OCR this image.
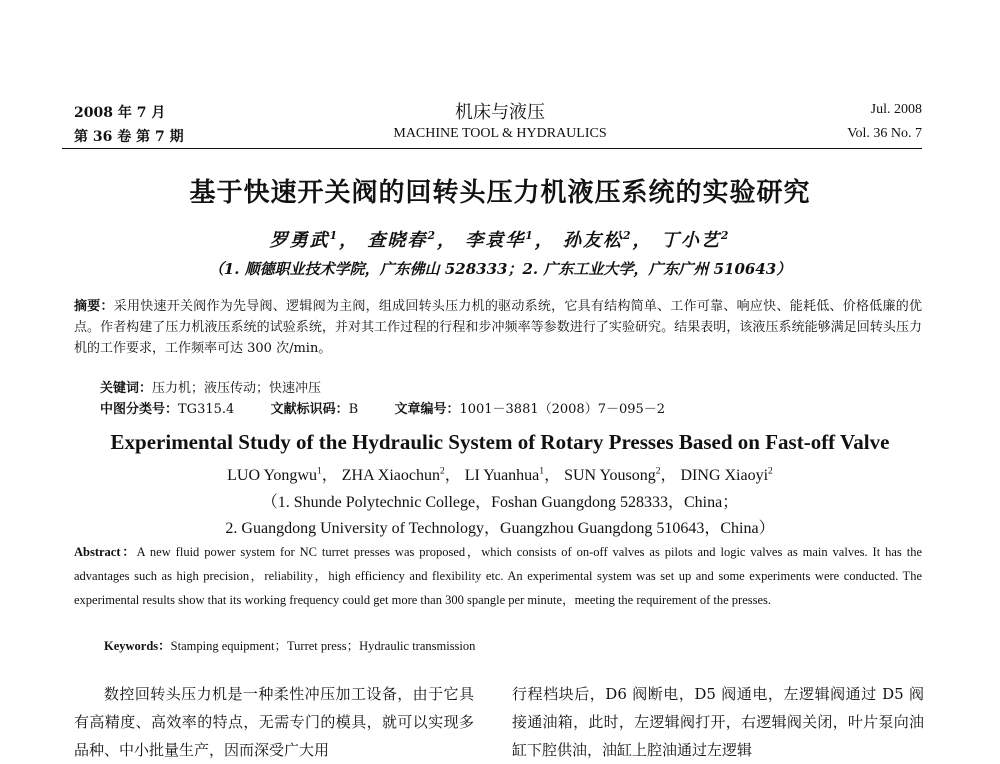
2008 年 7 月
第 36 卷 第 7 期
机床与液压
MACHINE TOOL & HYDRAULICS
Jul. 2008
Vol. 36 No. 7
基于快速开关阀的回转头压力机液压系统的实验研究
罗勇武$^1$， 查晓春$^2$， 李袁华$^1$， 孙友松$^2$， 丁小艺$^2$
（1. 顺德职业技术学院，广东佛山 528333；2. 广东工业大学，广东广州 510643）
摘要：采用快速开关阀作为先导阀、逻辑阀为主阀，组成回转头压力机的驱动系统，它具有结构简单、工作可靠、响应快、能耗低、价格低廉的优点。作者构建了压力机液压系统的试验系统，并对其工作过程的行程和步冲频率等参数进行了实验研究。结果表明，该液压系统能够满足回转头压力机的工作要求，工作频率可达 300 次/min。
关键词：压力机；液压传动；快速冲压
中图分类号：TG315.4	文献标识码：B	文章编号：1001－3881（2008）7－095－2
Experimental Study of the Hydraulic System of Rotary Presses Based on Fast-off Valve
LUO Yongwu$^1$， ZHA Xiaochun$^2$， LI Yuanhua$^1$， SUN Yousong$^2$， DING Xiaoyi$^2$
（1. Shunde Polytechnic College，Foshan Guangdong 528333，China；
2. Guangdong University of Technology，Guangzhou Guangdong 510643，China）
Abstract：A new fluid power system for NC turret presses was proposed，which consists of on-off valves as pilots and logic valves as main valves. It has the advantages such as high precision，reliability，high efficiency and flexibility etc. An experimental system was set up and some experiments were conducted. The experimental results show that its working frequency could get more than 300 spangle per minute，meeting the requirement of the presses.
Keywords：Stamping equipment；Turret press；Hydraulic transmission
数控回转头压力机是一种柔性冲压加工设备，由于它具有高精度、高效率的特点，无需专门的模具，就可以实现多品种、中小批量生产，因而深受广大用
行程档块后，D6 阀断电，D5 阀通电，左逻辑阀通过 D5 阀接通油箱，此时，左逻辑阀打开，右逻辑阀关闭，叶片泵向油缸下腔供油，油缸上腔油通过左逻辑
